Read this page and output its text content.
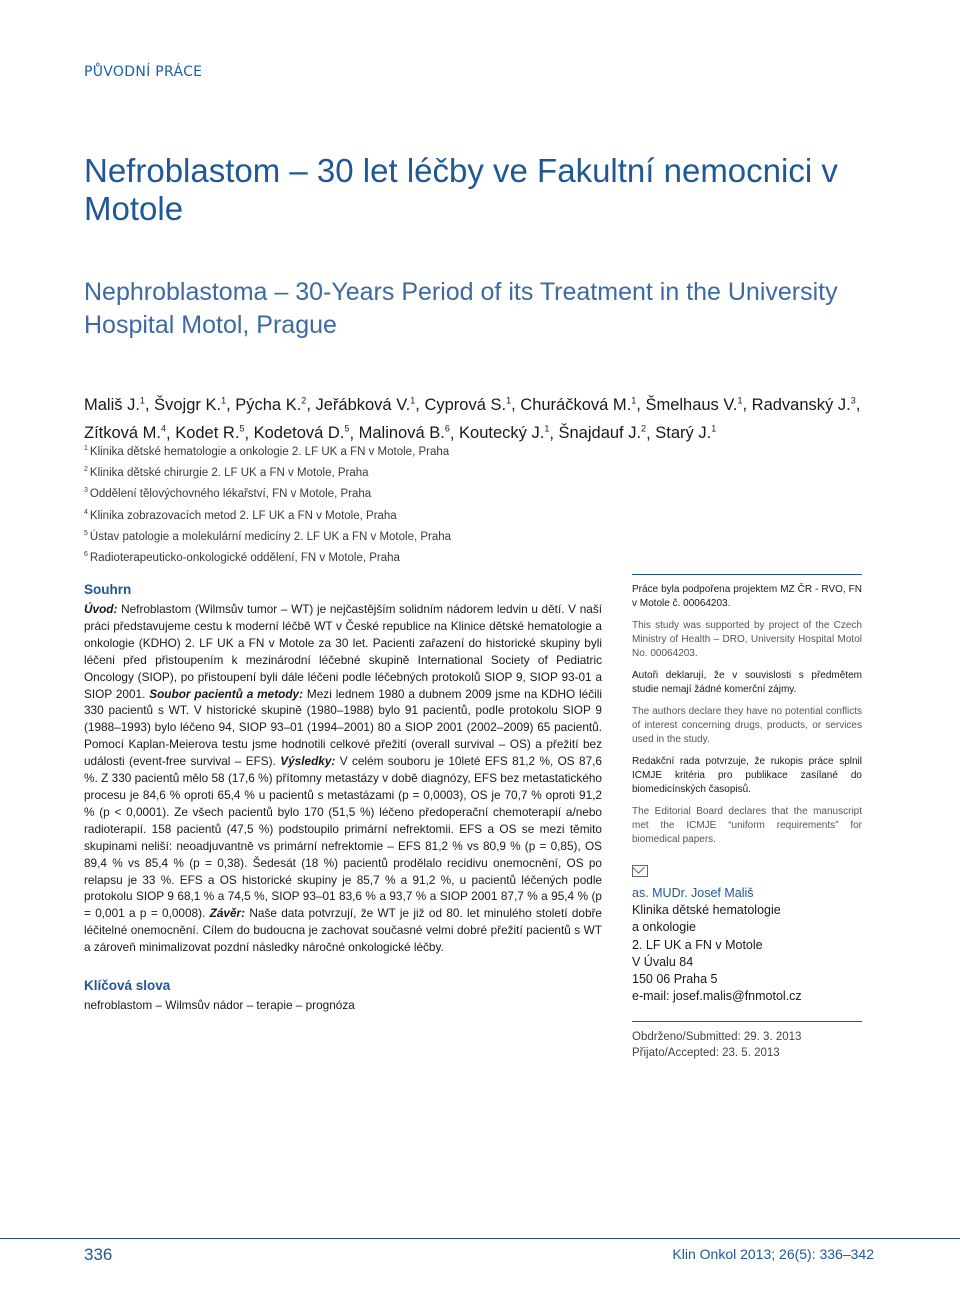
PŮVODNÍ PRÁCE
Nefroblastom – 30 let léčby ve Fakultní nemocnici v Motole
Nephroblastoma – 30-Years Period of its Treatment in the University Hospital Motol, Prague
Mališ J.$^1$, Švojgr K.$^1$, Pýcha K.$^2$, Jeřábková V.$^1$, Cyprová S.$^1$, Churáčková M.$^1$, Šmelhaus V.$^1$, Radvanský J.$^3$, Zítková M.$^4$, Kodet R.$^5$, Kodetová D.$^5$, Malinová B.$^6$, Koutecký J.$^1$, Šnajdauf J.$^2$, Starý J.$^1$
$^1$ Klinika dětské hematologie a onkologie 2. LF UK a FN v Motole, Praha
$^2$ Klinika dětské chirurgie 2. LF UK a FN v Motole, Praha
$^3$ Oddělení tělovýchovného lékařství, FN v Motole, Praha
$^4$ Klinika zobrazovacích metod 2. LF UK a FN v Motole, Praha
$^5$ Ústav patologie a molekulární medicíny 2. LF UK a FN v Motole, Praha
$^6$ Radioterapeuticko-onkologické oddělení, FN v Motole, Praha
Souhrn
Úvod: Nefroblastom (Wilmsův tumor – WT) je nejčastějším solidním nádorem ledvin u dětí. V naší práci představujeme cestu k moderní léčbě WT v České republice na Klinice dětské hematologie a onkologie (KDHO) 2. LF UK a FN v Motole za 30 let. Pacienti zařazení do historické skupiny byli léčeni před přistoupením k mezinárodní léčebné skupině International Society of Pediatric Oncology (SIOP), po přistoupení byli dále léčeni podle léčebných protokolů SIOP 9, SIOP 93-01 a SIOP 2001. Soubor pacientů a metody: Mezi lednem 1980 a dubnem 2009 jsme na KDHO léčili 330 pacientů s WT. V historické skupině (1980–1988) bylo 91 pacientů, podle protokolu SIOP 9 (1988–1993) bylo léčeno 94, SIOP 93–01 (1994–2001) 80 a SIOP 2001 (2002–2009) 65 pacientů. Pomocí Kaplan-Meierova testu jsme hodnotili celkové přežití (overall survival – OS) a přežití bez události (event-free survival – EFS). Výsledky: V celém souboru je 10leté EFS 81,2 %, OS 87,6 %. Z 330 pacientů mělo 58 (17,6 %) přítomny metastázy v době diagnózy, EFS bez metastatického procesu je 84,6 % oproti 65,4 % u pacientů s metastázami (p = 0,0003), OS je 70,7 % oproti 91,2 % (p < 0,0001). Ze všech pacientů bylo 170 (51,5 %) léčeno předoperační chemoterapií a/nebo radioterapií. 158 pacientů (47,5 %) podstoupilo primární nefrektomii. EFS a OS se mezi těmito skupinami neliší: neoadjuvantně vs primární nefrektomie – EFS 81,2 % vs 80,9 % (p = 0,85), OS 89,4 % vs 85,4 % (p = 0,38). Šedesát (18 %) pacientů prodělalo recidivu onemocnění, OS po relapsu je 33 %. EFS a OS historické skupiny je 85,7 % a 91,2 %, u pacientů léčených podle protokolu SIOP 9 68,1 % a 74,5 %, SIOP 93–01 83,6 % a 93,7 % a SIOP 2001 87,7 % a 95,4 % (p = 0,001 a p = 0,0008). Závěr: Naše data potvrzují, že WT je již od 80. let minulého století dobře léčitelné onemocnění. Cílem do budoucna je zachovat současné velmi dobré přežití pacientů s WT a zároveň minimalizovat pozdní následky náročné onkologické léčby.
Klíčová slova
nefroblastom – Wilmsův nádor – terapie – prognóza
Práce byla podpořena projektem MZ ČR - RVO, FN v Motole č. 00064203.
This study was supported by project of the Czech Ministry of Health – DRO, University Hospital Motol No. 00064203.
Autoři deklarují, že v souvislosti s předmětem studie nemají žádné komerční zájmy.
The authors declare they have no potential conflicts of interest concerning drugs, products, or services used in the study.
Redakční rada potvrzuje, že rukopis práce splnil ICMJE kritéria pro publikace zasílané do biomedicínských časopisů.
The Editorial Board declares that the manuscript met the ICMJE “uniform requirements” for biomedical papers.
as. MUDr. Josef Mališ
Klinika dětské hematologie
a onkologie
2. LF UK a FN v Motole
V Úvalu 84
150 06 Praha 5
e-mail: josef.malis@fnmotol.cz
Obdrženo/Submitted: 29. 3. 2013
Přijato/Accepted: 23. 5. 2013
336	Klin Onkol 2013; 26(5): 336–342
